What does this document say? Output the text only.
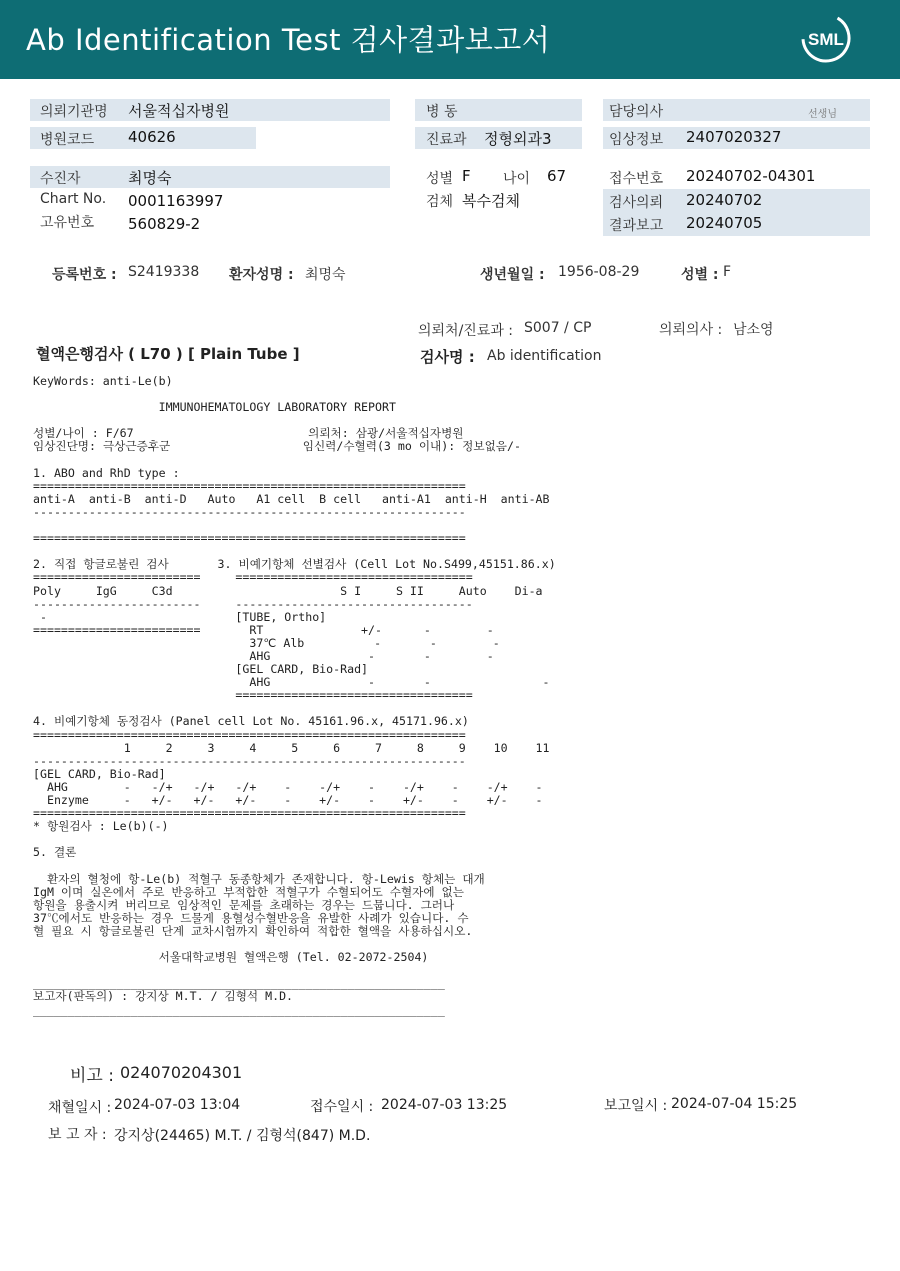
Ab Identification Test 검사결과보고서	SML
의뢰기관명 서울적십자병원
병원코드 40626
병 동
진료과 정형외과3
담당의사	선생님
임상정보 2407020327
수진자	최명숙
Chart No. 0001163997
고유번호 560829-2
성별 F 나이 67
검체 복수검체
접수번호 20240702-04301
검사의뢰 20240702
결과보고 20240705
등록번호 : S2419338 환자성명 : 최명숙	생년월일 : 1956-08-29	성별 : F
의뢰처/진료과 : S007 / CP	의뢰의사 : 남소영
혈액은행검사 ( L70 ) [ Plain Tube ]	검사명 : Ab identification
KeyWords: anti-Le(b)

IMMUNOHEMATOLOGY LABORATORY REPORT

성별/나이 : F/67                         의뢰처: 삼광/서울적십자병원
임상진단명: 극상근증후군                   임신력/수혈력(3 mo 이내): 정보없음/-

1. ABO and RhD type :
==============================================================
anti-A  anti-B  anti-D   Auto   A1 cell  B cell   anti-A1  anti-H  anti-AB
--------------------------------------------------------------

==============================================================

2. 직접 항글로불린 검사       3. 비예기항체 선별검사 (Cell Lot No.S499,45151.86.x)
========================     ==================================
Poly     IgG     C3d                        S I     S II     Auto    Di-a
------------------------     ----------------------------------
-                           [TUBE, Ortho]
========================       RT              +/-      -        -
37℃ Alb          -       -        -
AHG              -       -        -
[GEL CARD, Bio-Rad]
AHG              -       -                -
==================================

4. 비예기항체 동정검사 (Panel cell Lot No. 45161.96.x, 45171.96.x)
==============================================================
1     2     3     4     5     6     7     8     9    10    11
--------------------------------------------------------------
[GEL CARD, Bio-Rad]
AHG        -   -/+   -/+   -/+    -    -/+    -    -/+    -    -/+    -
Enzyme     -   +/-   +/-   +/-    -    +/-    -    +/-    -    +/-    -
==============================================================
* 항원검사 : Le(b)(-)

5. 결론

환자의 혈청에 항-Le(b) 적혈구 동종항체가 존재합니다. 항-Lewis 항체는 대개
IgM 이며 실온에서 주로 반응하고 부적합한 적혈구가 수혈되어도 수혈자에 없는
항원을 용출시켜 버리므로 임상적인 문제를 초래하는 경우는 드뭅니다. 그러나
37℃에서도 반응하는 경우 드물게 용혈성수혈반응을 유발한 사례가 있습니다. 수
혈 필요 시 항글로불린 단계 교차시험까지 확인하여 적합한 혈액을 사용하십시오.

서울대학교병원 혈액은행 (Tel. 02-2072-2504)

___________________________________________________________
보고자(판독의) : 강지상 M.T. / 김형석 M.D.
___________________________________________________________
비고 : 024070204301
채혈일시 : 2024-07-03 13:04	접수일시 : 2024-07-03 13:25	보고일시 : 2024-07-04 15:25
보 고 자 : 강지상(24465) M.T. / 김형석(847) M.D.
